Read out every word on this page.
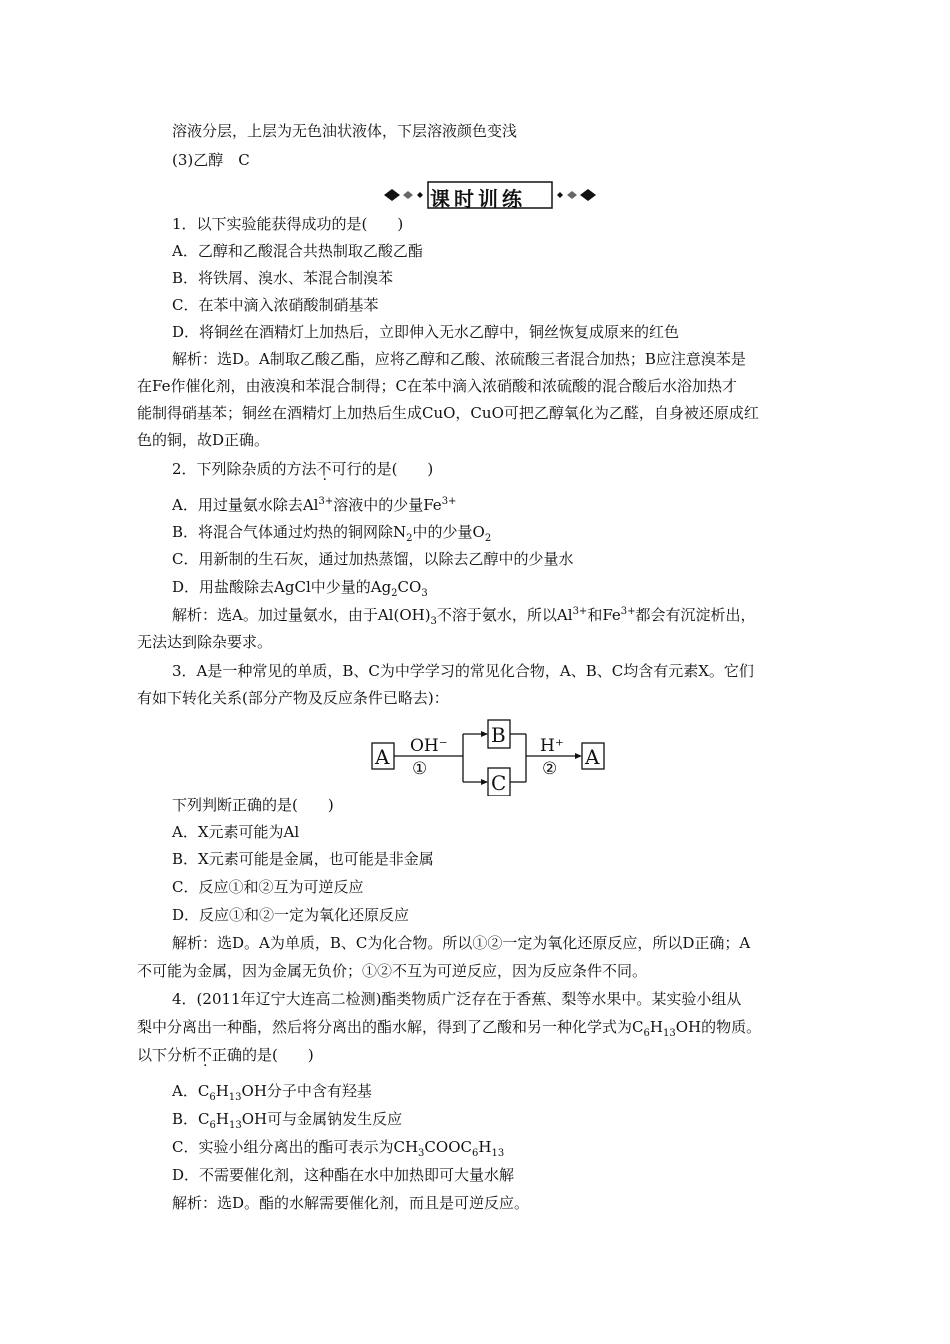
溶液分层，上层为无色油状液体，下层溶液颜色变浅
(3)乙醇　C
课时训练
1．以下实验能获得成功的是(　　)
A．乙醇和乙酸混合共热制取乙酸乙酯
B．将铁屑、溴水、苯混合制溴苯
C．在苯中滴入浓硝酸制硝基苯
D．将铜丝在酒精灯上加热后，立即伸入无水乙醇中，铜丝恢复成原来的红色
解析：选D。A制取乙酸乙酯，应将乙醇和乙酸、浓硫酸三者混合加热；B应注意溴苯是
在Fe作催化剂，由液溴和苯混合制得；C在苯中滴入浓硝酸和浓硫酸的混合酸后水浴加热才
能制得硝基苯；铜丝在酒精灯上加热后生成CuO，CuO可把乙醇氧化为乙醛，自身被还原成红
色的铜，故D正确。
2．下列除杂质的方法不可行的是(　　)
A．用过量氨水除去$Al^{3+}$溶液中的少量$Fe^{3+}$
B．将混合气体通过灼热的铜网除$N_2$中的少量$O_2$
C．用新制的生石灰，通过加热蒸馏，以除去乙醇中的少量水
D．用盐酸除去AgCl中少量的$Ag_2CO_3$
解析：选A。加过量氨水，由于$Al(OH)_3$不溶于氨水，所以$Al^{3+}$和$Fe^{3+}$都会有沉淀析出，
无法达到除杂要求。
3．A是一种常见的单质，B、C为中学学习的常见化合物，A、B、C均含有元素X。它们
有如下转化关系(部分产物及反应条件已略去)：
A
B
C
A
OH⁻
①
H⁺
②
下列判断正确的是(　　)
A．X元素可能为Al
B．X元素可能是金属，也可能是非金属
C．反应①和②互为可逆反应
D．反应①和②一定为氧化还原反应
解析：选D。A为单质，B、C为化合物。所以①②一定为氧化还原反应，所以D正确；A
不可能为金属，因为金属无负价；①②不互为可逆反应，因为反应条件不同。
4．(2011年辽宁大连高二检测)酯类物质广泛存在于香蕉、梨等水果中。某实验小组从
梨中分离出一种酯，然后将分离出的酯水解，得到了乙酸和另一种化学式为$C_6H_{13}OH$的物质。
以下分析不正确的是(　　)
A．$C_6H_{13}OH$分子中含有羟基
B．$C_6H_{13}OH$可与金属钠发生反应
C．实验小组分离出的酯可表示为$CH_3COOC_6H_{13}$
D．不需要催化剂，这种酯在水中加热即可大量水解
解析：选D。酯的水解需要催化剂，而且是可逆反应。
